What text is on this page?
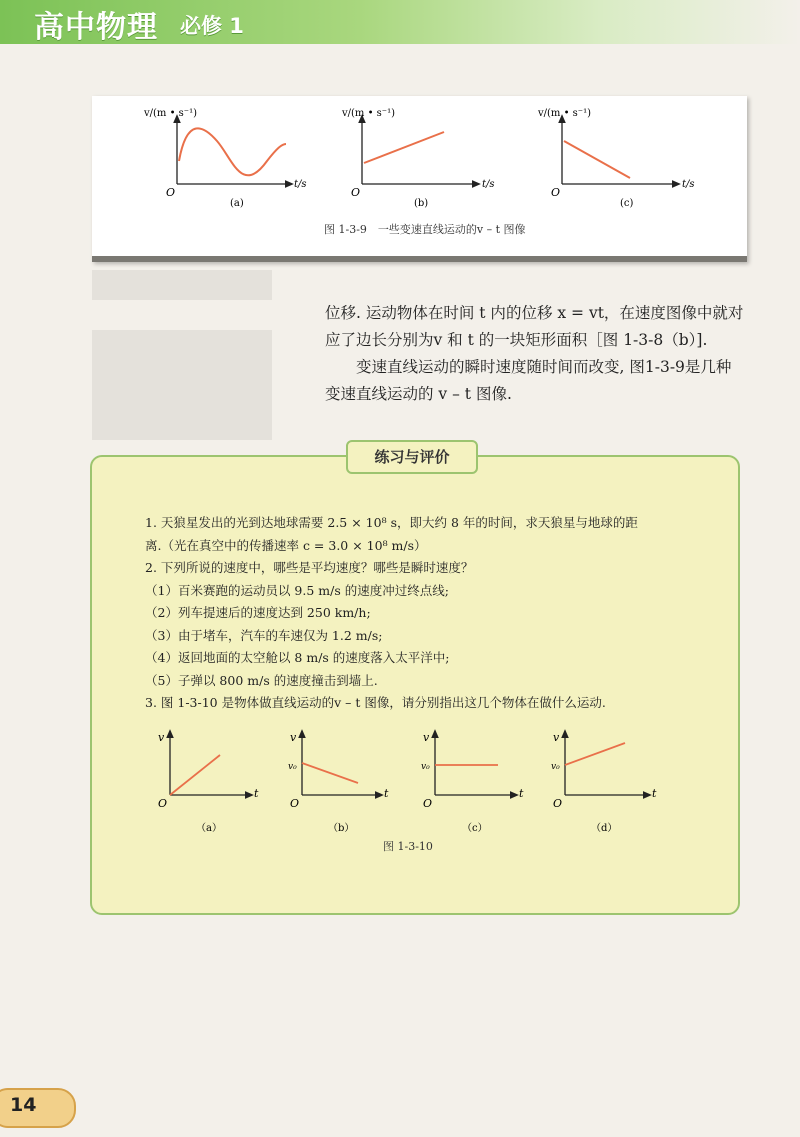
高中物理 必修 1
v/(m • s⁻¹)
t/s
O
(a)
v/(m • s⁻¹)
t/s
O
(b)
v/(m • s⁻¹)
t/s
O
(c)
图 1-3-9　一些变速直线运动的v – t 图像

位移. 运动物体在时间 t 内的位移 x = vt，在速度图像中就对应了边长分别为v 和 t 的一块矩形面积［图 1-3-8（b）].

变速直线运动的瞬时速度随时间而改变, 图1-3-9是几种变速直线运动的 v – t 图像.

练习与评价
1. 天狼星发出的光到达地球需要 2.5 × 10⁸ s，即大约 8 年的时间，求天狼星与地球的距
离.（光在真空中的传播速率 c = 3.0 × 10⁸ m/s）
2. 下列所说的速度中，哪些是平均速度？哪些是瞬时速度？
（1）百米赛跑的运动员以 9.5 m/s 的速度冲过终点线;
（2）列车提速后的速度达到 250 km/h;
（3）由于堵车，汽车的车速仅为 1.2 m/s;
（4）返回地面的太空舱以 8 m/s 的速度落入太平洋中;
（5）子弹以 800 m/s 的速度撞击到墙上.
3. 图 1-3-10 是物体做直线运动的v – t 图像，请分别指出这几个物体在做什么运动.
v
t
O
（a）
v
t
v₀
O
（b）
v
t
v₀
O
（c）
v
t
v₀
O
（d）
图 1-3-10
14
